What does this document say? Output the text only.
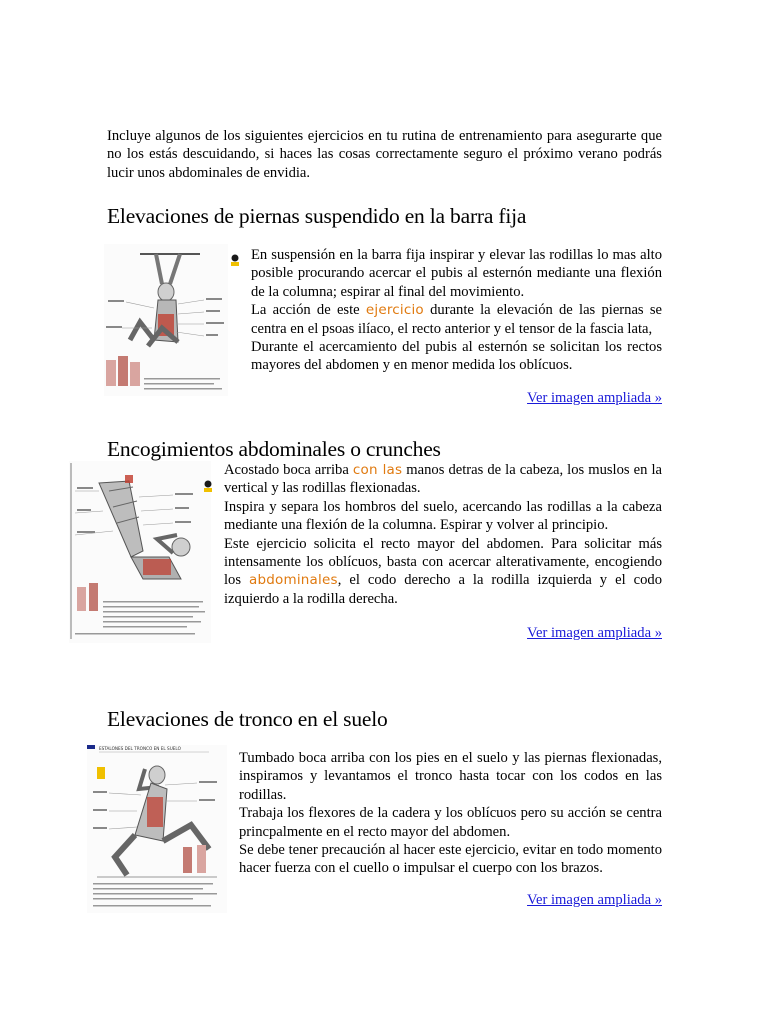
Incluye algunos de los siguientes ejercicios en tu rutina de entrenamiento para asegurarte que no los estás descuidando, si haces las cosas correctamente seguro el próximo verano podrás lucir unos abdominales de envidia.

Elevaciones de piernas suspendido en la barra fija

En suspensión en la barra fija inspirar y elevar las rodillas lo mas alto posible procurando acercar el pubis al esternón mediante una flexión de la columna; espirar al final del movimiento.

La acción de este ejercicio durante la elevación de las piernas se centra en el psoas ilíaco, el recto anterior y el tensor de la fascia lata,

Durante el acercamiento del pubis al esternón se solicitan los rectos mayores del abdomen y en menor medida los oblícuos.

Ver imagen ampliada »
Encogimientos abdominales o crunches

Acostado boca arriba con las manos detras de la cabeza, los muslos en la vertical y las rodillas flexionadas.

Inspira y separa los hombros del suelo, acercando las rodillas a la cabeza mediante una flexión de la columna. Espirar y volver al principio.

Este ejercicio solicita el recto mayor del abdomen. Para solicitar más intensamente los oblícuos, basta con acercar alterativamente, encogiendo los abdominales, el codo derecho a la rodilla izquierda y el codo izquierdo a la rodilla derecha.

Ver imagen ampliada »
Elevaciones de tronco en el suelo
ESTALONES DEL TRONCO EN EL SUELO

Tumbado boca arriba con los pies en el suelo y las piernas flexionadas, inspiramos y levantamos el tronco hasta tocar con los codos en las rodillas.

Trabaja los flexores de la cadera y los oblícuos pero su acción se centra princpalmente en el recto mayor del abdomen.

Se debe tener precaución al hacer este ejercicio, evitar en todo momento hacer fuerza con el cuello o impulsar el cuerpo con los brazos.

Ver imagen ampliada »
